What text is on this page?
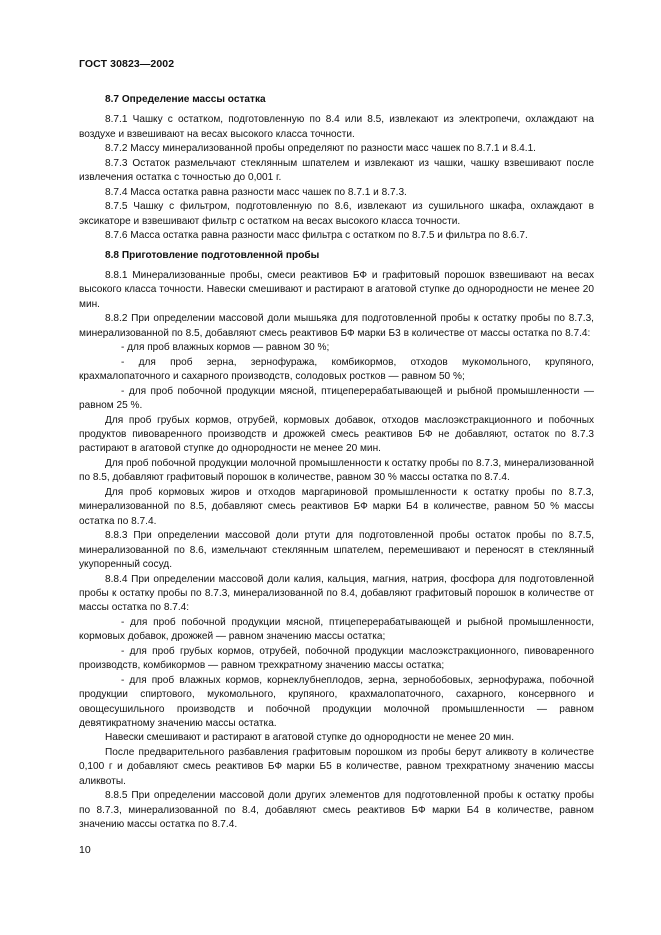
ГОСТ 30823—2002

8.7 Определение массы остатка

8.7.1 Чашку с остатком, подготовленную по 8.4 или 8.5, извлекают из электропечи, охлаждают на воздухе и взвешивают на весах высокого класса точности.

8.7.2 Массу минерализованной пробы определяют по разности масс чашек по 8.7.1 и 8.4.1.

8.7.3 Остаток размельчают стеклянным шпателем и извлекают из чашки, чашку взвешивают после извлечения остатка с точностью до 0,001 г.

8.7.4 Масса остатка равна разности масс чашек по 8.7.1 и 8.7.3.

8.7.5 Чашку с фильтром, подготовленную по 8.6, извлекают из сушильного шкафа, охлаждают в эксикаторе и взвешивают фильтр с остатком на весах высокого класса точности.

8.7.6 Масса остатка равна разности масс фильтра с остатком по 8.7.5 и фильтра по 8.6.7.

8.8 Приготовление подготовленной пробы

8.8.1 Минерализованные пробы, смеси реактивов БФ и графитовый порошок взвешивают на весах высокого класса точности. Навески смешивают и растирают в агатовой ступке до однородности не менее 20 мин.

8.8.2 При определении массовой доли мышьяка для подготовленной пробы к остатку пробы по 8.7.3, минерализованной по 8.5, добавляют смесь реактивов БФ марки Б3 в количестве от массы остатка по 8.7.4:

- для проб влажных кормов — равном 30 %;

- для проб зерна, зернофуража, комбикормов, отходов мукомольного, крупяного, крахмалопаточного и сахарного производств, солодовых ростков — равном 50 %;

- для проб побочной продукции мясной, птицеперерабатывающей и рыбной промышленности — равном 25 %.

Для проб грубых кормов, отрубей, кормовых добавок, отходов маслоэкстракционного и побочных продуктов пивоваренного производств и дрожжей смесь реактивов БФ не добавляют, остаток по 8.7.3 растирают в агатовой ступке до однородности не менее 20 мин.

Для проб побочной продукции молочной промышленности к остатку пробы по 8.7.3, минерализованной по 8.5, добавляют графитовый порошок в количестве, равном 30 % массы остатка по 8.7.4.

Для проб кормовых жиров и отходов маргариновой промышленности к остатку пробы по 8.7.3, минерализованной по 8.5, добавляют смесь реактивов БФ марки Б4 в количестве, равном 50 % массы остатка по 8.7.4.

8.8.3 При определении массовой доли ртути для подготовленной пробы остаток пробы по 8.7.5, минерализованной по 8.6, измельчают стеклянным шпателем, перемешивают и переносят в стеклянный укупоренный сосуд.

8.8.4 При определении массовой доли калия, кальция, магния, натрия, фосфора для подготовленной пробы к остатку пробы по 8.7.3, минерализованной по 8.4, добавляют графитовый порошок в количестве от массы остатка по 8.7.4:

- для проб побочной продукции мясной, птицеперерабатывающей и рыбной промышленности, кормовых добавок, дрожжей — равном значению массы остатка;

- для проб грубых кормов, отрубей, побочной продукции маслоэкстракционного, пивоваренного производств, комбикормов — равном трехкратному значению массы остатка;

- для проб влажных кормов, корнеклубнеплодов, зерна, зернобобовых, зернофуража, побочной продукции спиртового, мукомольного, крупяного, крахмалопаточного, сахарного, консервного и овощесушильного производств и побочной продукции молочной промышленности — равном девятикратному значению массы остатка.

Навески смешивают и растирают в агатовой ступке до однородности не менее 20 мин.

После предварительного разбавления графитовым порошком из пробы берут аликвоту в количестве 0,100 г и добавляют смесь реактивов БФ марки Б5 в количестве, равном трехкратному значению массы аликвоты.

8.8.5 При определении массовой доли других элементов для подготовленной пробы к остатку пробы по 8.7.3, минерализованной по 8.4, добавляют смесь реактивов БФ марки Б4 в количестве, равном значению массы остатка по 8.7.4.

10
